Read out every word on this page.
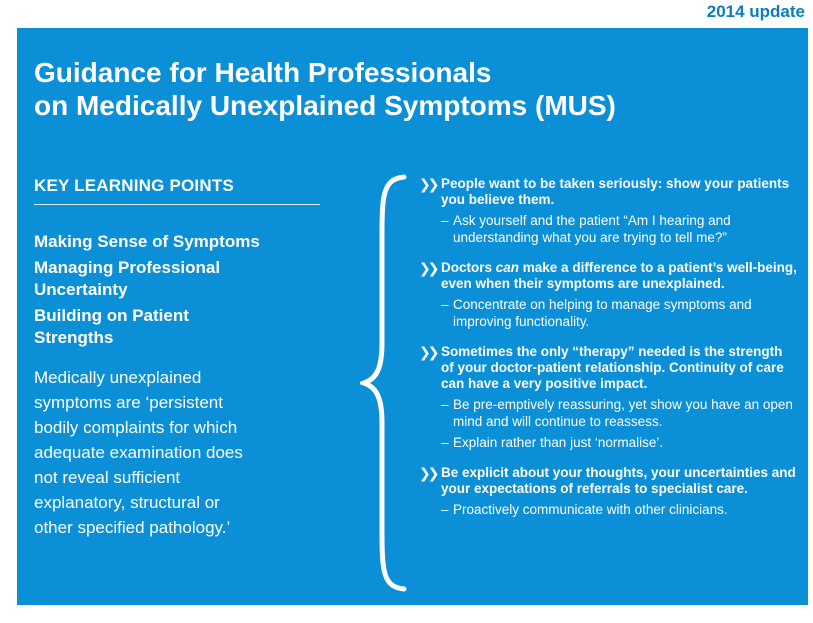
2014 update
Guidance for Health Professionals
on Medically Unexplained Symptoms (MUS)
KEY LEARNING POINTS
Making Sense of Symptoms
Managing Professional Uncertainty
Building on Patient Strengths
Medically unexplained symptoms are ‘persistent bodily complaints for which adequate examination does not reveal sufficient explanatory, structural or other specified pathology.’
❯❯ People want to be taken seriously: show your patients you believe them.
– Ask yourself and the patient “Am I hearing and understanding what you are trying to tell me?”
❯❯ Doctors can make a difference to a patient’s well-being, even when their symptoms are unexplained.
– Concentrate on helping to manage symptoms and improving functionality.
❯❯ Sometimes the only “therapy” needed is the strength of your doctor-patient relationship. Continuity of care can have a very positive impact.
– Be pre-emptively reassuring, yet show you have an open mind and will continue to reassess.
– Explain rather than just ‘normalise’.
❯❯ Be explicit about your thoughts, your uncertainties and your expectations of referrals to specialist care.
– Proactively communicate with other clinicians.
